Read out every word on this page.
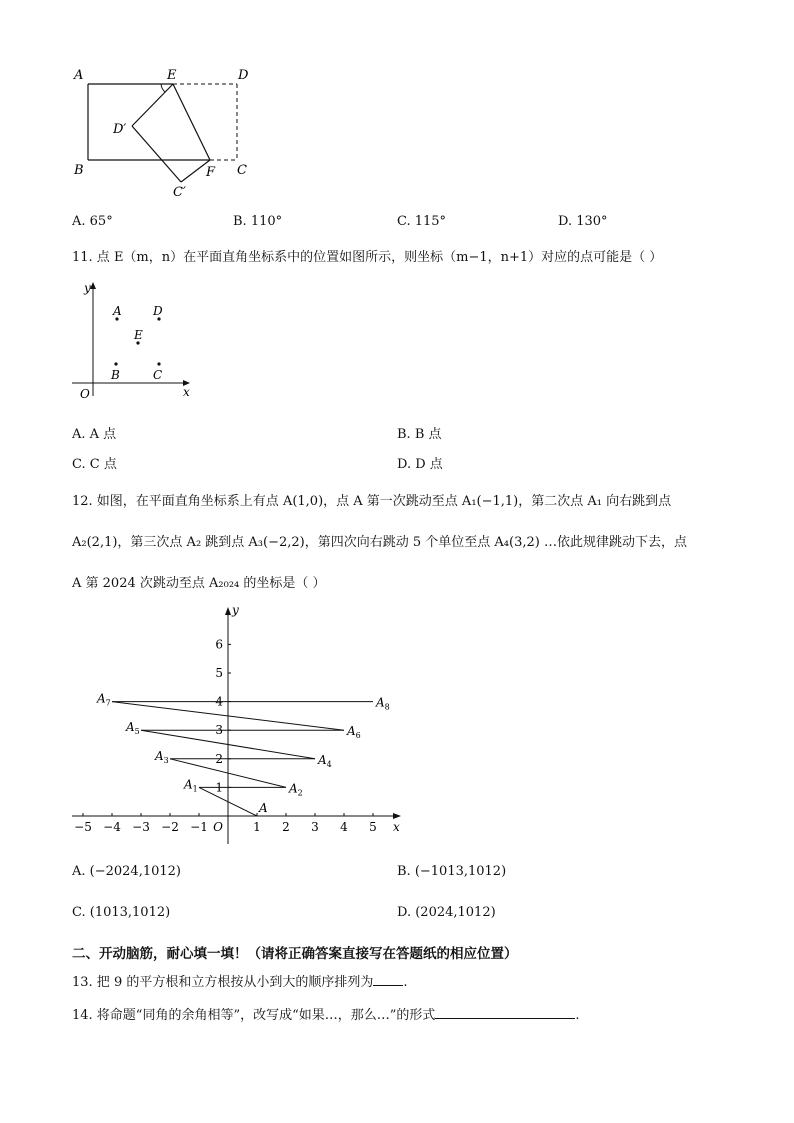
A	E	D
D′
B	F C
C′
A. 65°	B. 110°	C. 115°	D. 130°
11. 点 E（m，n）在平面直角坐标系中的位置如图所示，则坐标（m−1，n+1）对应的点可能是（ ）
y
x
O
A	D
E
B	C
A. A 点	B. B 点
C. C 点	D. D 点
12. 如图，在平面直角坐标系上有点 A(1,0)，点 A 第一次跳动至点 A₁(−1,1)，第二次点 A₁ 向右跳到点
A₂(2,1)，第三次点 A₂ 跳到点 A₃(−2,2)，第四次向右跳动 5 个单位至点 A₄(3,2) …依此规律跳动下去，点
A 第 2024 次跳动至点 A₂₀₂₄ 的坐标是（ ）
x
y
O
−5 −4 −3 −2 −1	1 2 3 4 5
1
2
3
4
5
6
A
$A_1$	$A_2$
$A_3$	$A_4$
$A_5$	$A_6$
$A_7$	$A_8$
A. (−2024,1012)	B. (−1013,1012)
C. (1013,1012)	D. (2024,1012)
二、开动脑筋，耐心填一填！（请将正确答案直接写在答题纸的相应位置）
13. 把 9 的平方根和立方根按从小到大的顺序排列为 .
14. 将命题“同角的余角相等”，改写成“如果…，那么…”的形式	.
